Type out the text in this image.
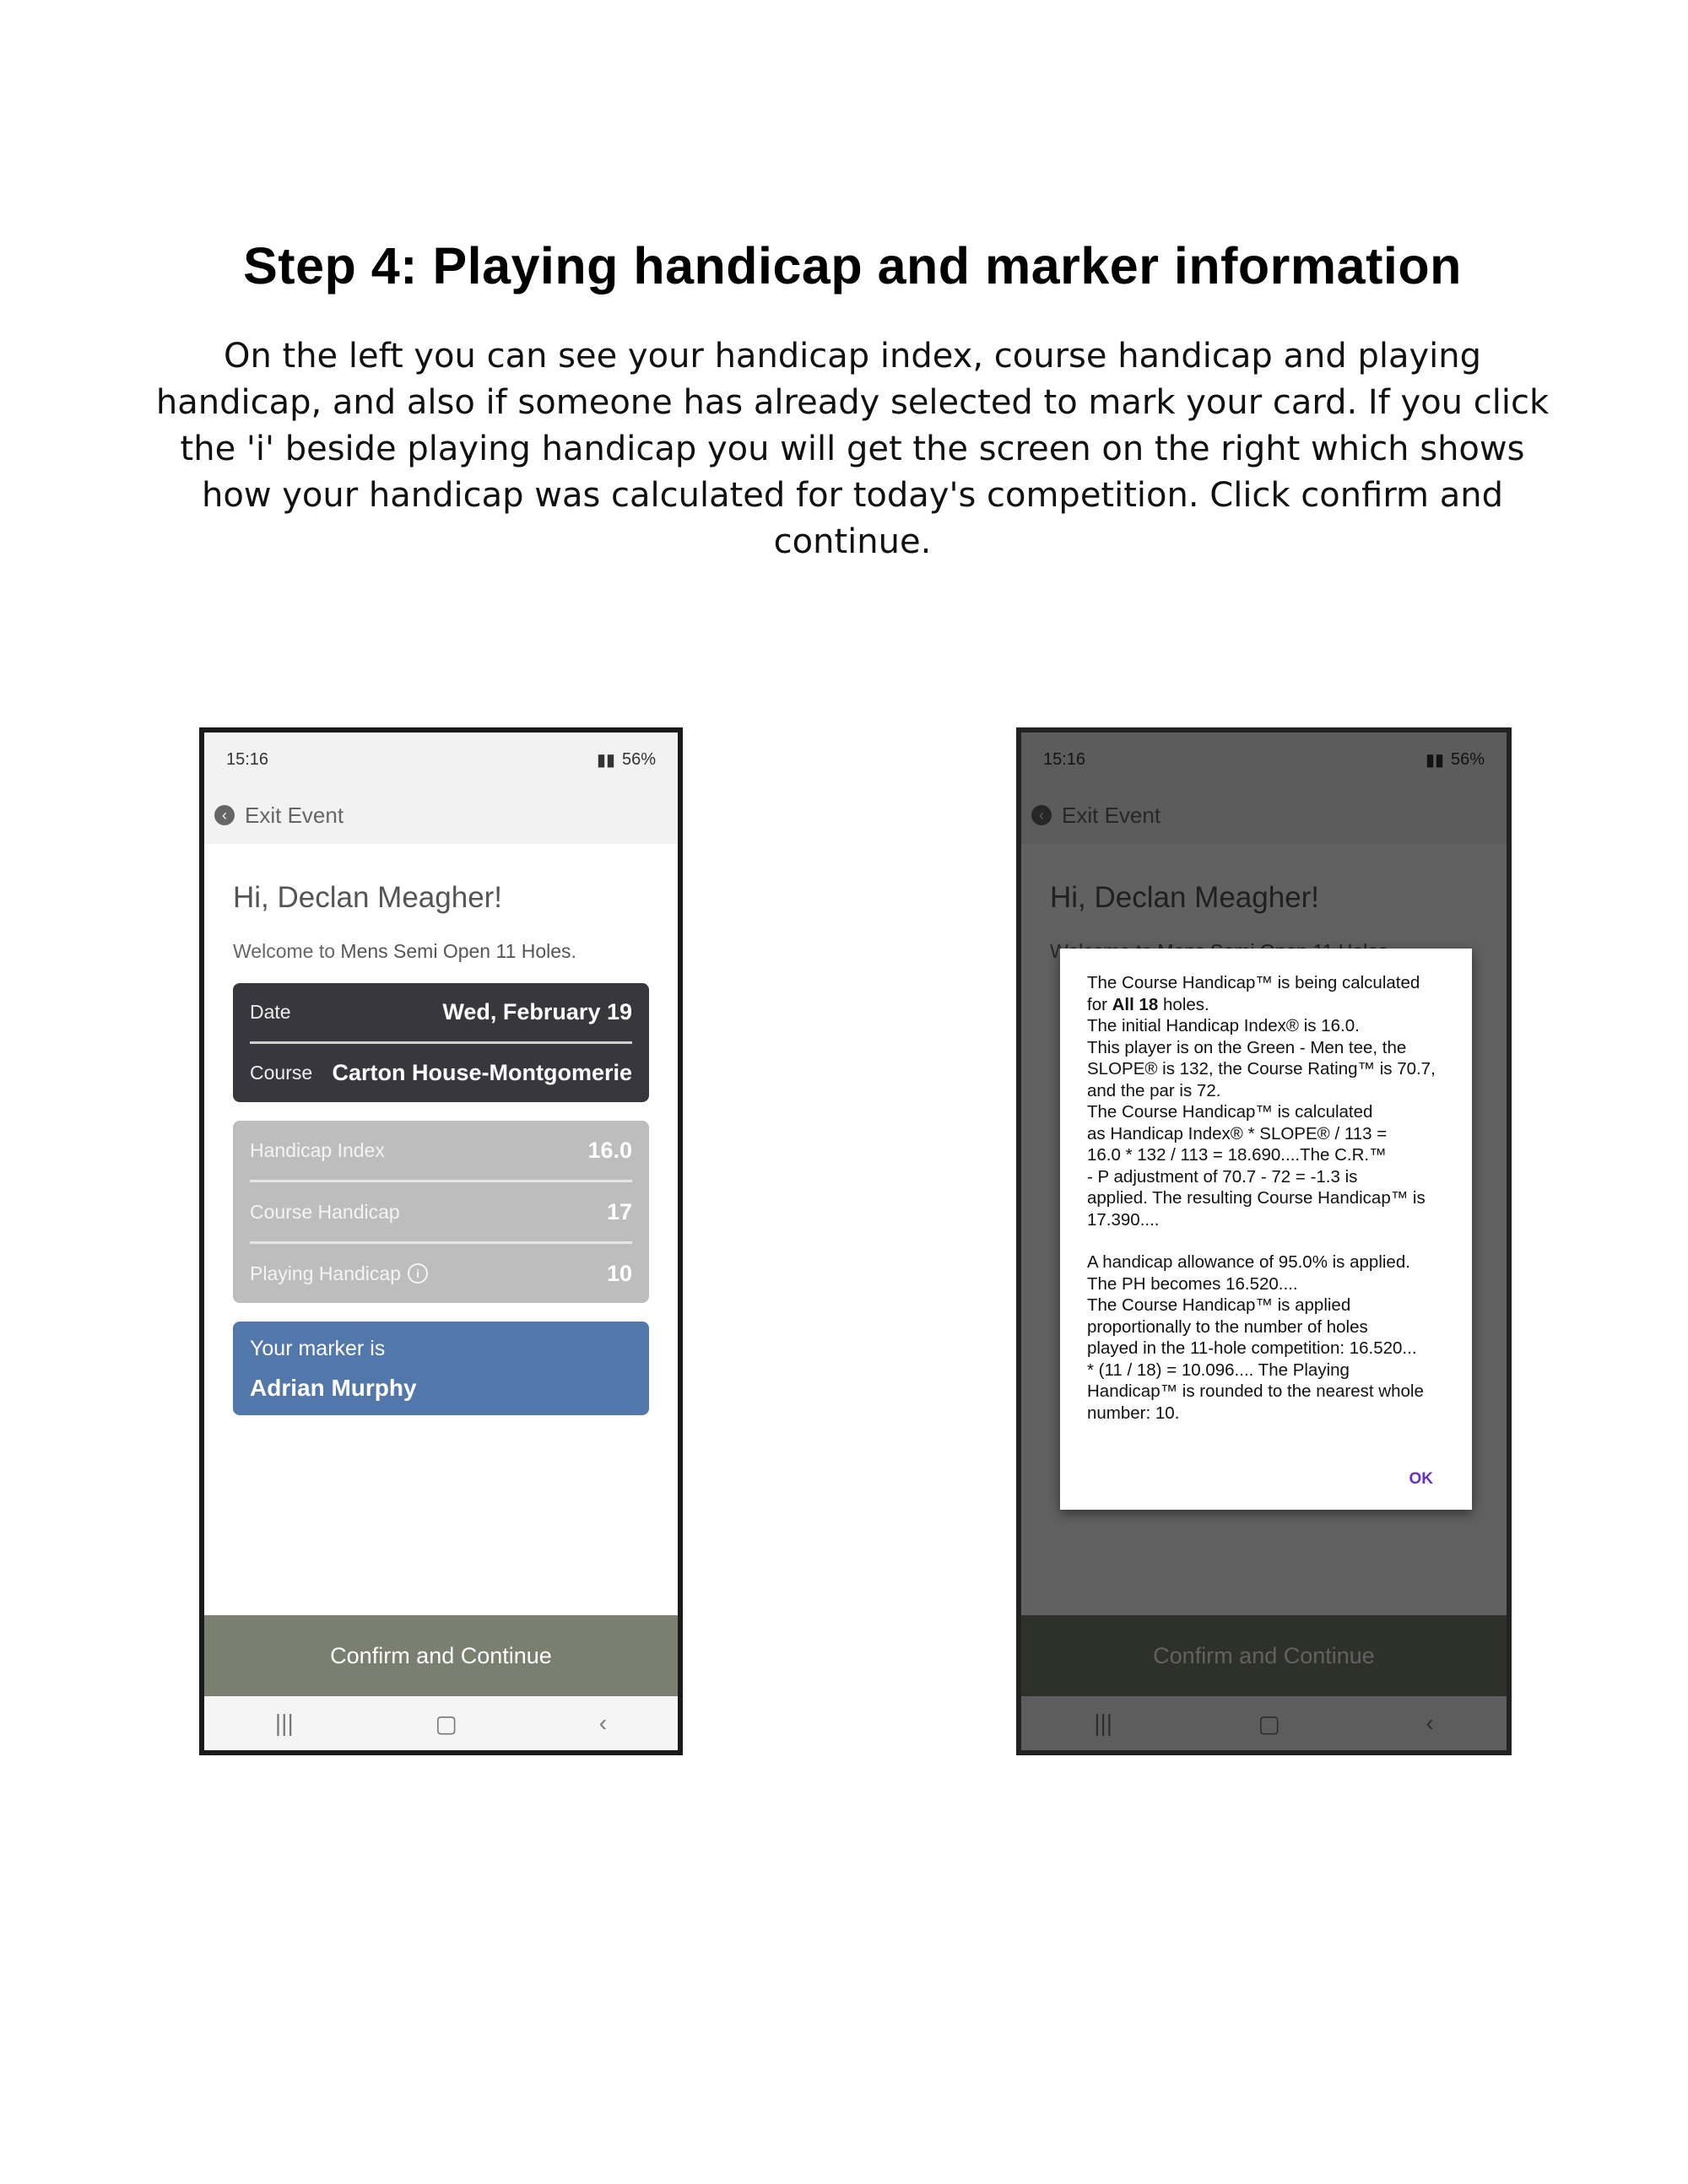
Step 4: Playing handicap and marker information
On the left you can see your handicap index, course handicap and playing handicap, and also if someone has already selected to mark your card. If you click the 'i' beside playing handicap you will get the screen on the right which shows how your handicap was calculated for today's competition. Click confirm and continue.
15:16	▮▮ 56%
‹ Exit Event
Hi, Declan Meagher!
Welcome to Mens Semi Open 11 Holes.
Date	Wed, February 19
Course Carton House-Montgomerie
Handicap Index	16.0
Course Handicap	17
Playing Handicap	i	10
Your marker is
Adrian Murphy
Confirm and Continue
|||	▢	‹

The Course Handicap™ is being calculated
for All 18 holes.

The initial Handicap Index® is 16.0.

This player is on the Green - Men tee, the

SLOPE® is 132, the Course Rating™ is 70.7,

and the par is 72.

The Course Handicap™ is calculated

as Handicap Index® * SLOPE® / 113 =

16.0 * 132 / 113 = 18.690....The C.R.™

- P adjustment of 70.7 - 72 = -1.3 is

applied. The resulting Course Handicap™ is

17.390....

A handicap allowance of 95.0% is applied.

The PH becomes 16.520....

The Course Handicap™ is applied

proportionally to the number of holes

played in the 11-hole competition: 16.520...

* (11 / 18) = 10.096.... The Playing

Handicap™ is rounded to the nearest whole

number: 10.

OK
